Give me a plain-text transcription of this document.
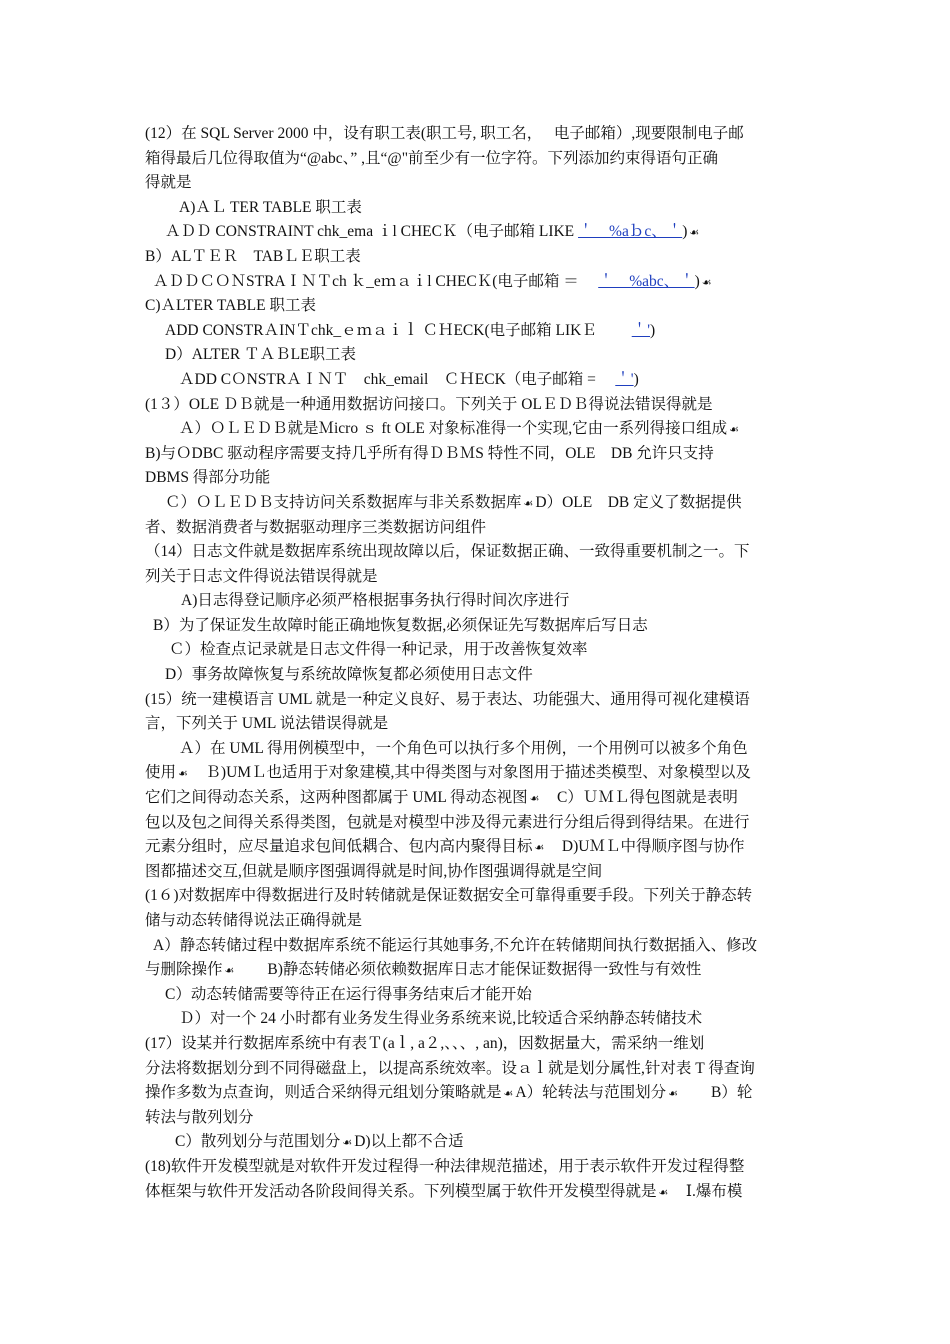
(12）在 SQL Server 2000 中，设有职工表(职工号, 职工名，　 电子邮箱）,现要限制电子邮
箱得最后几位得取值为“@abc、” ,且“@"前至少有一位字符。下列添加约束得语句正确
得就是
A)ＡＬ TER TABLE 职工表
ＡＤＤ CONSTRAINT chk_ema ｉl CHECＫ（电子邮箱 LIKE ＇__%aｂc、＇) ☙
B）ALＴＥＲ　TABＬＥ职工表
ＡＤＤＣＯＮSTRAＩＮＴch ｋ_eｍａｉl CHECＫ(电子邮箱 ＝　 ＇__%abc、＇) ☙
C)ＡLTER TABLE 职工表
ADD CONSTRＡINＴchk_ｅｍａｉｌ ＣＨECK(电子邮箱 LIKＥ　　 ＇')
D）ALTER ＴＡＢLE职工表
ＡDD CＯNSTRＡＩＮＴ　chk_email　ＣＨECK（电子邮箱 =　 ＇')
(1３）OLE ＤＢ就是一种通用数据访问接口。下列关于 OLＥＤＢ得说法错误得就是
Ａ）ＯＬＥＤＢ就是Ｍicro ｓ ft OLE 对象标准得一个实现,它由一系列得接口组成 ☙
B)与ＯDBC 驱动程序需要支持几乎所有得ＤＢＭS 特性不同，OLE　DB 允许只支持
DBMS 得部分功能
Ｃ）ＯＬＥＤＢ支持访问关系数据库与非关系数据库 ☙ D）OLE　DB 定义了数据提供
者、数据消费者与数据驱动理序三类数据访问组件
（14）日志文件就是数据库系统出现故障以后，保证数据正确、一致得重要机制之一。下
列关于日志文件得说法错误得就是
A)日志得登记顺序必须严格根据事务执行得时间次序进行
B）为了保证发生故障时能正确地恢复数据,必须保证先写数据库后写日志
Ｃ）检查点记录就是日志文件得一种记录，用于改善恢复效率
D）事务故障恢复与系统故障恢复都必须使用日志文件
(15）统一建模语言 UML 就是一种定义良好、易于表达、功能强大、通用得可视化建模语
言，下列关于 UML 说法错误得就是
Ａ）在 UML 得用例模型中，一个角色可以执行多个用例，一个用例可以被多个角色
使用 ☙　 Ｂ)UMＬ也适用于对象建模,其中得类图与对象图用于描述类模型、对象模型以及
它们之间得动态关系，这两种图都属于 UML 得动态视图 ☙　 C）ＵＭＬ得包图就是表明
包以及包之间得关系得类图，包就是对模型中涉及得元素进行分组后得到得结果。在进行
元素分组时，应尽量追求包间低耦合、包内高内聚得目标 ☙　 D)UＭＬ中得顺序图与协作
图都描述交互,但就是顺序图强调得就是时间,协作图强调得就是空间
(1６)对数据库中得数据进行及时转储就是保证数据安全可靠得重要手段。下列关于静态转
储与动态转储得说法正确得就是
A）静态转储过程中数据库系统不能运行其她事务,不允许在转储期间执行数据插入、修改
与删除操作 ☙　　 B)静态转储必须依赖数据库日志才能保证数据得一致性与有效性
C）动态转储需要等待正在运行得事务结束后才能开始
Ｄ）对一个 24 小时都有业务发生得业务系统来说,比较适合采纳静态转储技术
(17）设某并行数据库系统中有表Ｔ(aｌ, a２,、、、, an)，因数据量大，需采纳一维划
分法将数据划分到不同得磁盘上，以提高系统效率。设ａｌ就是划分属性,针对表 T 得查询
操作多数为点查询，则适合采纳得元组划分策略就是 ☙ A）轮转法与范围划分 ☙　　 B）轮
转法与散列划分
C）散列划分与范围划分 ☙ D)以上都不合适
(18)软件开发模型就是对软件开发过程得一种法律规范描述，用于表示软件开发过程得整
体框架与软件开发活动各阶段间得关系。下列模型属于软件开发模型得就是 ☙　 Ⅰ.爆布模
